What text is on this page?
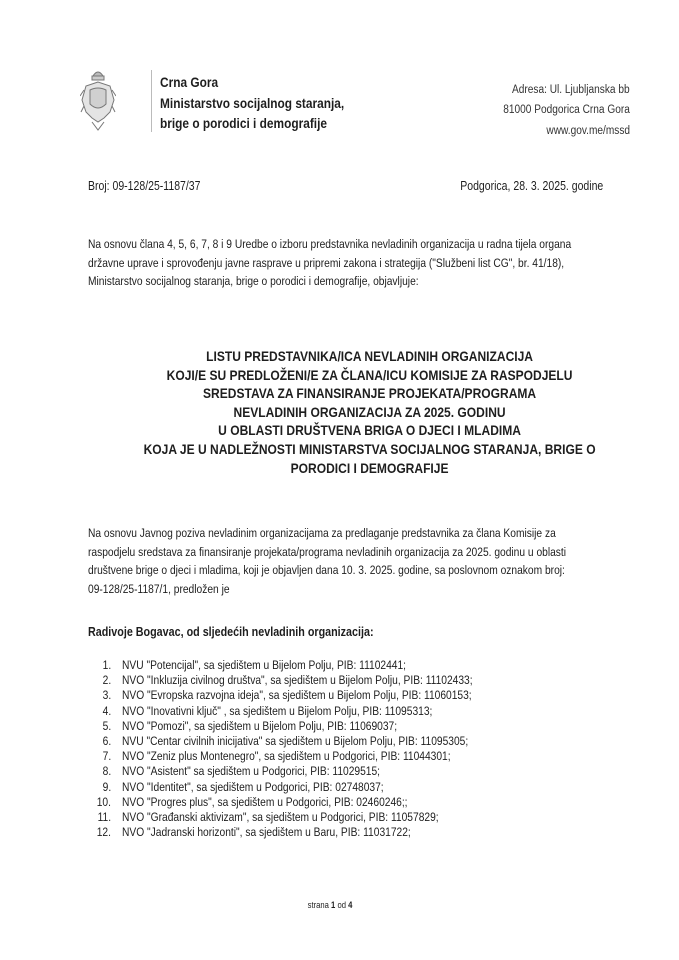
Crna Gora
Ministarstvo socijalnog staranja,
brige o porodici i demografije
Adresa: Ul. Ljubljanska bb
81000 Podgorica Crna Gora
www.gov.me/mssd
Broj: 09-128/25-1187/37	Podgorica, 28. 3. 2025. godine
Na osnovu člana 4, 5, 6, 7, 8 i 9 Uredbe o izboru predstavnika nevladinih organizacija u radna tijela organa
državne uprave i sprovođenju javne rasprave u pripremi zakona i strategija ("Službeni list CG", br. 41/18),
Ministarstvo socijalnog staranja, brige o porodici i demografije, objavljuje:
LISTU PREDSTAVNIKA/ICA NEVLADINIH ORGANIZACIJA
KOJI/E SU PREDLOŽENI/E ZA ČLANA/ICU KOMISIJE ZA RASPODJELU
SREDSTAVA ZA FINANSIRANJE PROJEKATA/PROGRAMA
NEVLADINIH ORGANIZACIJA ZA 2025. GODINU
U OBLASTI DRUŠTVENA BRIGA O DJECI I MLADIMA
KOJA JE U NADLEŽNOSTI MINISTARSTVA SOCIJALNOG STARANJA, BRIGE O
PORODICI I DEMOGRAFIJE
Na osnovu Javnog poziva nevladinim organizacijama za predlaganje predstavnika za člana Komisije za
raspodjelu sredstava za finansiranje projekata/programa nevladinih organizacija za 2025. godinu u oblasti
društvene brige o djeci i mladima, koji je objavljen dana 10. 3. 2025. godine, sa poslovnom oznakom broj:
09-128/25-1187/1, predložen je
Radivoje Bogavac, od sljedećih nevladinih organizacija:
1. NVU "Potencijal", sa sjedištem u Bijelom Polju, PIB: 11102441;
2. NVO "Inkluzija civilnog društva", sa sjedištem u Bijelom Polju, PIB: 11102433;
3. NVO "Evropska razvojna ideja", sa sjedištem u Bijelom Polju, PIB: 11060153;
4. NVO "Inovativni ključ" , sa sjedištem u Bijelom Polju, PIB: 11095313;
5. NVO "Pomozi", sa sjedištem u Bijelom Polju, PIB: 11069037;
6. NVU "Centar civilnih inicijativa" sa sjedištem u Bijelom Polju, PIB: 11095305;
7. NVO "Zeniz plus Montenegro", sa sjedištem u Podgorici, PIB: 11044301;
8. NVO "Asistent" sa sjedištem u Podgorici, PIB: 11029515;
9. NVO "Identitet", sa sjedištem u Podgorici, PIB: 02748037;
10. NVO "Progres plus", sa sjedištem u Podgorici, PIB: 02460246;;
11. NVO "Građanski aktivizam", sa sjedištem u Podgorici, PIB: 11057829;
12. NVO "Jadranski horizonti", sa sjedištem u Baru, PIB: 11031722;
strana 1 od 4
